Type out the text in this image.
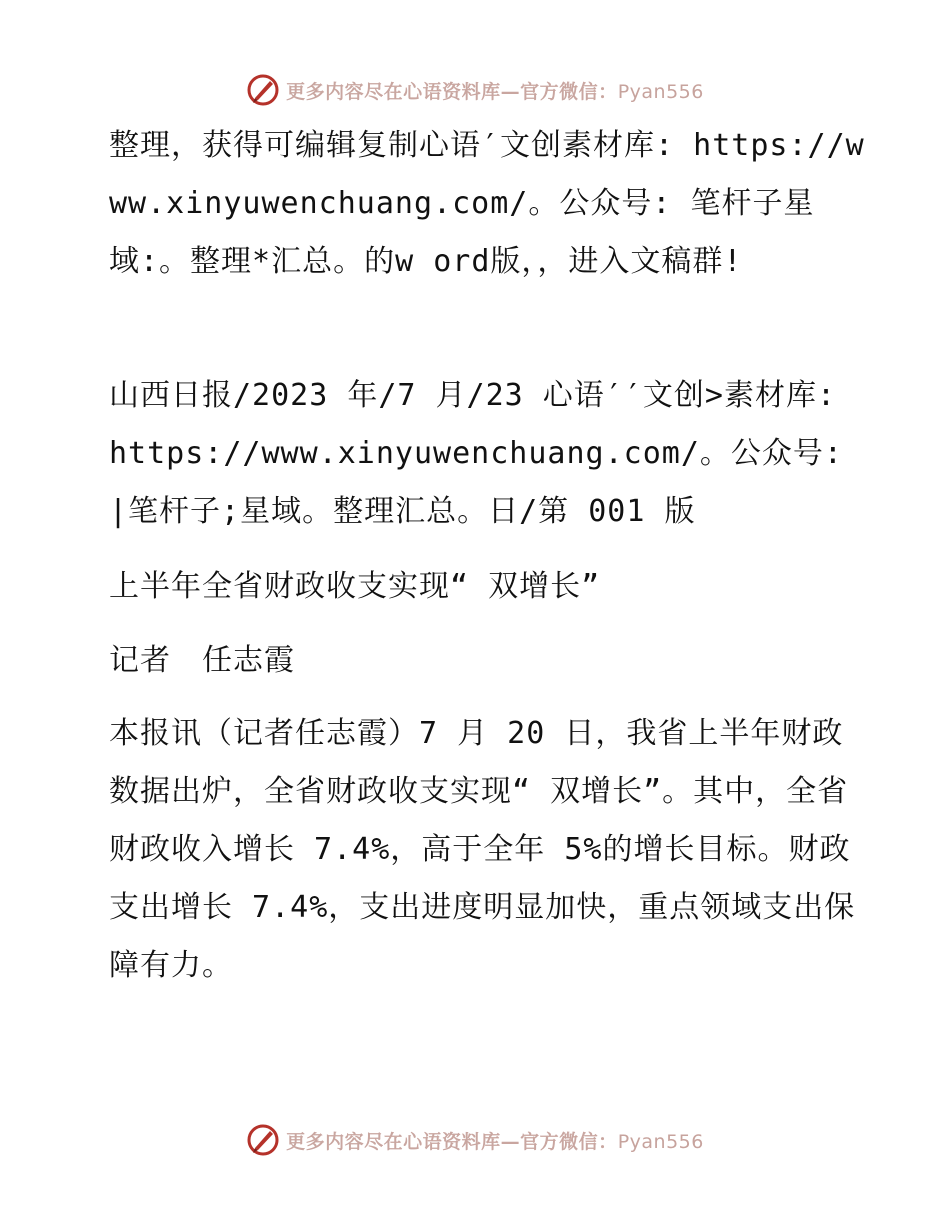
更多内容尽在心语资料库—官方微信：Pyan556

整理，获得可编辑复制心语′文创素材库: https://www.xinyuwenchuang.com/。公众号: 笔杆子星域:。整理*汇总。的w ord版，，进入文稿群!

山西日报/2023 年/7 月/23 心语′′文创>素材库: https://www.xinyuwenchuang.com/。公众号: |笔杆子;星域。整理汇总。日/第 001 版

上半年全省财政收支实现“ 双增长”

记者　任志霞

本报讯（记者任志霞）7 月 20 日，我省上半年财政数据出炉，全省财政收支实现“ 双增长”。其中，全省财政收入增长 7.4%，高于全年 5%的增长目标。财政支出增长 7.4%，支出进度明显加快，重点领域支出保障有力。

更多内容尽在心语资料库—官方微信：Pyan556
